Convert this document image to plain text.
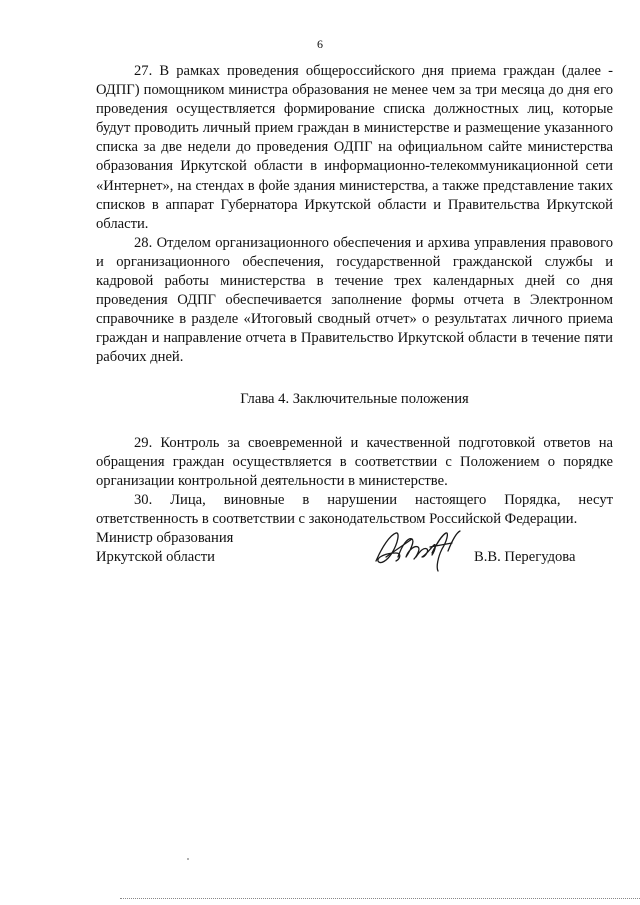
6

27. В рамках проведения общероссийского дня приема граждан (далее - ОДПГ) помощником министра образования не менее чем за три месяца до дня его проведения осуществляется формирование списка должностных лиц, которые будут проводить личный прием граждан в министерстве и размещение указанного списка за две недели до проведения ОДПГ на официальном сайте министерства образования Иркутской области в информационно-телекоммуникационной сети «Интернет», на стендах в фойе здания министерства, а также представление таких списков в аппарат Губернатора Иркутской области и Правительства Иркутской области.

28. Отделом организационного обеспечения и архива управления правового и организационного обеспечения, государственной гражданской службы и кадровой работы министерства в течение трех календарных дней со дня проведения ОДПГ обеспечивается заполнение формы отчета в Электронном справочнике в разделе «Итоговый сводный отчет» о результатах личного приема граждан и направление отчета в Правительство Иркутской области в течение пяти рабочих дней.

Глава 4. Заключительные положения

29. Контроль за своевременной и качественной подготовкой ответов на обращения граждан осуществляется в соответствии с Положением о порядке организации контрольной деятельности в министерстве.

30. Лица, виновные в нарушении настоящего Порядка, несут ответственность в соответствии с законодательством Российской Федерации.

Министр образования
Иркутской области	В.В. Перегудова
